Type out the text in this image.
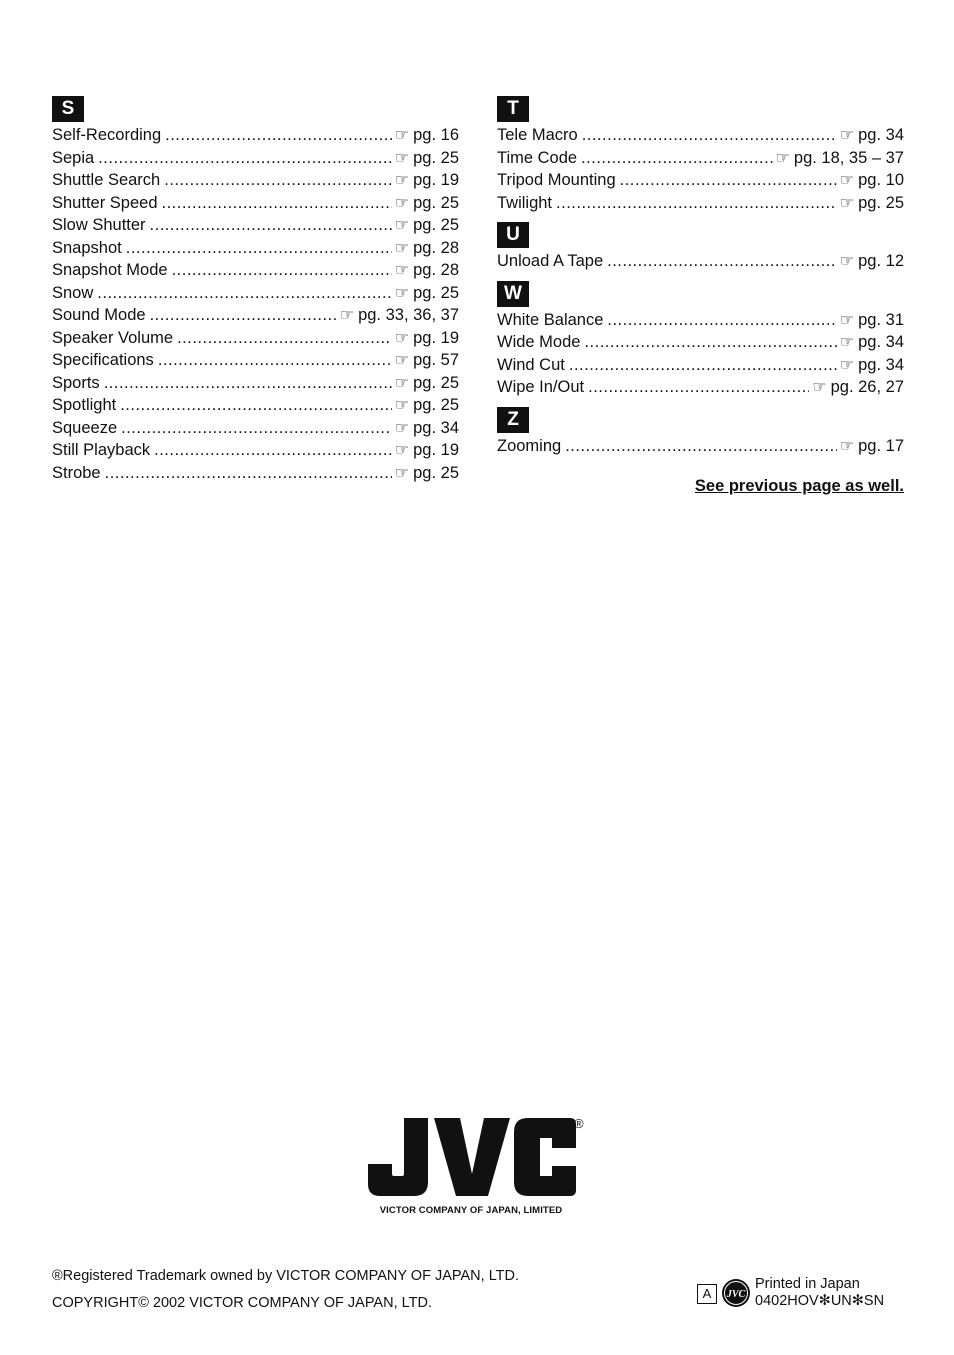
S
Self-Recording .....	☞ pg. 16
Sepia .....	☞ pg. 25
Shuttle Search .....	☞ pg. 19
Shutter Speed .....	☞ pg. 25
Slow Shutter .....	☞ pg. 25
Snapshot .....	☞ pg. 28
Snapshot Mode .....	☞ pg. 28
Snow .....	☞ pg. 25
Sound Mode .....	☞ pg. 33, 36, 37
Speaker Volume .....	☞ pg. 19
Specifications .....	☞ pg. 57
Sports .....	☞ pg. 25
Spotlight .....	☞ pg. 25
Squeeze .....	☞ pg. 34
Still Playback .....	☞ pg. 19
Strobe .....	☞ pg. 25
T
Tele Macro .....	☞ pg. 34
Time Code .....	☞ pg. 18, 35 – 37
Tripod Mounting .....	☞ pg. 10
Twilight .....	☞ pg. 25
U
Unload A Tape .....	☞ pg. 12
W
White Balance .....	☞ pg. 31
Wide Mode .....	☞ pg. 34
Wind Cut .....	☞ pg. 34
Wipe In/Out .....	☞ pg. 26, 27
Z
Zooming .....	☞ pg. 17
See previous page as well.
®
VICTOR COMPANY OF JAPAN, LIMITED
®Registered Trademark owned by VICTOR COMPANY OF JAPAN, LTD.
COPYRIGHT© 2002 VICTOR COMPANY OF JAPAN, LTD.
A	JVC
Printed in Japan
0402HOV✻UN✻SN
